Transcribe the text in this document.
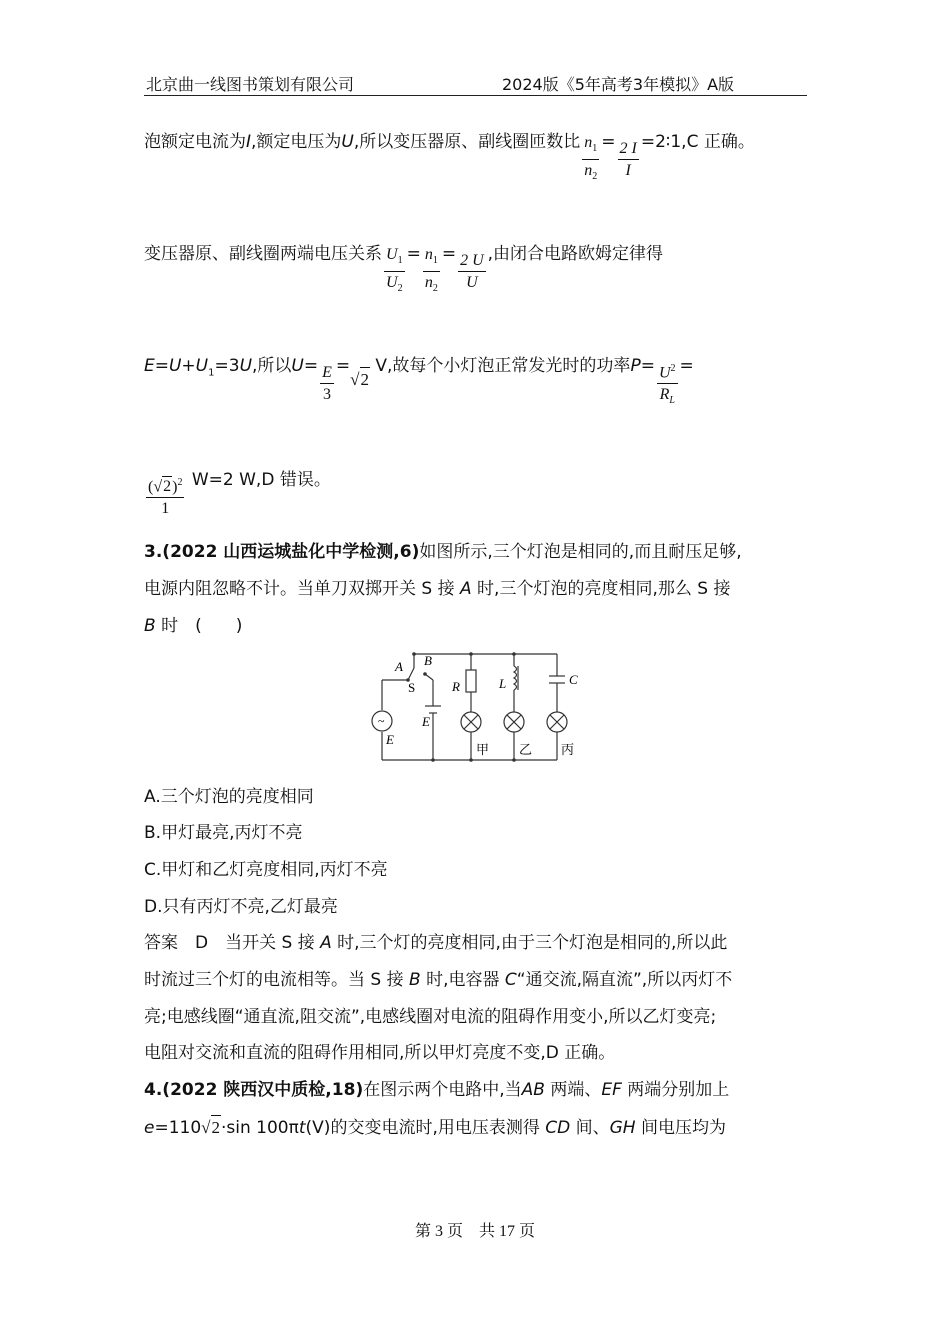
北京曲一线图书策划有限公司	2024版《5年高考3年模拟》A版
泡额定电流为I,额定电压为U,所以变压器原、副线圈匝数比 $\frac{n_1}{n_2} = \frac{2 I}{I}$ =2∶1,C 正确。
变压器原、副线圈两端电压关系 $\frac{U_1}{U_2} = \frac{n_1}{n_2} = \frac{2 U}{U}$ ,由闭合电路欧姆定律得
$E=U+U_1=3U$,所以$U= \frac{E}{3} =√2$ V,故每个小灯泡正常发光时的功率$P= \frac{U^2}{R_L}$ =
$\frac{(√2)^2}{1} W=2$ W,D 错误。
3.(2022 山西运城盐化中学检测,6)如图所示,三个灯泡是相同的,而且耐压足够,
电源内阻忽略不计。当单刀双掷开关 S 接 A 时,三个灯泡的亮度相同,那么 S 接
B 时　(　　)
A B
S
~
E
E
R	L	C
甲 乙 丙
A.三个灯泡的亮度相同
B.甲灯最亮,丙灯不亮
C.甲灯和乙灯亮度相同,丙灯不亮
D.只有丙灯不亮,乙灯最亮
答案　D　当开关 S 接 A 时,三个灯的亮度相同,由于三个灯泡是相同的,所以此
时流过三个灯的电流相等。当 S 接 B 时,电容器 C“通交流,隔直流”,所以丙灯不
亮;电感线圈“通直流,阻交流”,电感线圈对电流的阻碍作用变小,所以乙灯变亮;
电阻对交流和直流的阻碍作用相同,所以甲灯亮度不变,D 正确。
4.(2022 陕西汉中质检,18)在图示两个电路中,当AB 两端、EF 两端分别加上
e=110√2·sin 100πt(V)的交变电流时,用电压表测得 CD 间、GH 间电压均为
第 3 页　共 17 页
